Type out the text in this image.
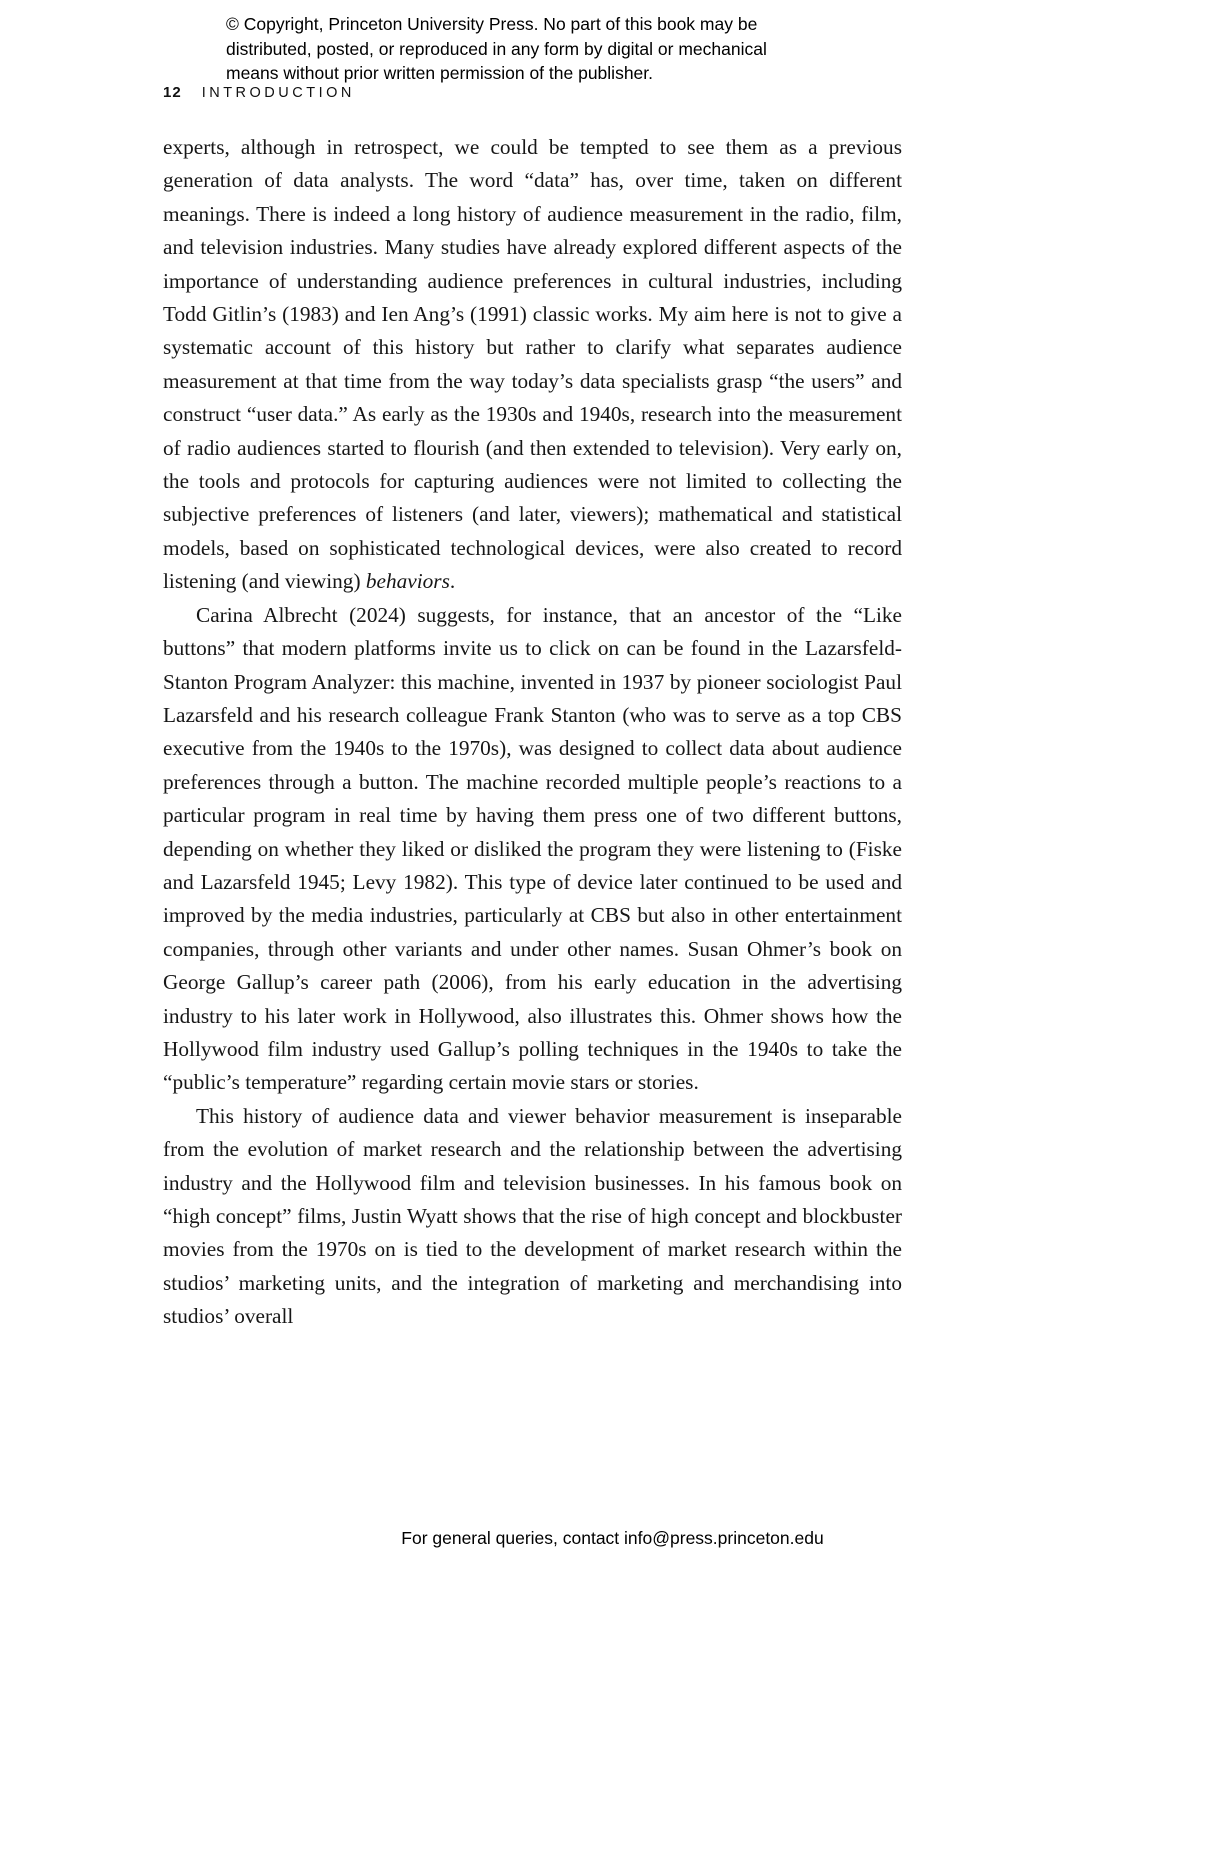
© Copyright, Princeton University Press. No part of this book may be
distributed, posted, or reproduced in any form by digital or mechanical
means without prior written permission of the publisher.
12 INTRODUCTION

experts, although in retrospect, we could be tempted to see them as a previous generation of data analysts. The word “data” has, over time, taken on different meanings. There is indeed a long history of audience measurement in the radio, film, and television industries. Many studies have already explored different aspects of the importance of understanding audience preferences in cultural industries, including Todd Gitlin’s (1983) and Ien Ang’s (1991) classic works. My aim here is not to give a systematic account of this history but rather to clarify what separates audience measurement at that time from the way today’s data specialists grasp “the users” and construct “user data.” As early as the 1930s and 1940s, research into the measurement of radio audiences started to flourish (and then extended to television). Very early on, the tools and protocols for capturing audiences were not limited to collecting the subjective preferences of listeners (and later, viewers); mathematical and statistical models, based on sophisticated technological devices, were also created to record listening (and viewing) behaviors.

Carina Albrecht (2024) suggests, for instance, that an ancestor of the “Like buttons” that modern platforms invite us to click on can be found in the Lazarsfeld-Stanton Program Analyzer: this machine, invented in 1937 by pioneer sociologist Paul Lazarsfeld and his research colleague Frank Stanton (who was to serve as a top CBS executive from the 1940s to the 1970s), was designed to collect data about audience preferences through a button. The machine recorded multiple people’s reactions to a particular program in real time by having them press one of two different buttons, depending on whether they liked or disliked the program they were listening to (Fiske and Lazarsfeld 1945; Levy 1982). This type of device later continued to be used and improved by the media industries, particularly at CBS but also in other entertainment companies, through other variants and under other names. Susan Ohmer’s book on George Gallup’s career path (2006), from his early education in the advertising industry to his later work in Hollywood, also illustrates this. Ohmer shows how the Hollywood film industry used Gallup’s polling techniques in the 1940s to take the “public’s temperature” regarding certain movie stars or stories.

This history of audience data and viewer behavior measurement is inseparable from the evolution of market research and the relationship between the advertising industry and the Hollywood film and television businesses. In his famous book on “high concept” films, Justin Wyatt shows that the rise of high concept and blockbuster movies from the 1970s on is tied to the development of market research within the studios’ marketing units, and the integration of marketing and merchandising into studios’ overall

For general queries, contact info@press.princeton.edu
